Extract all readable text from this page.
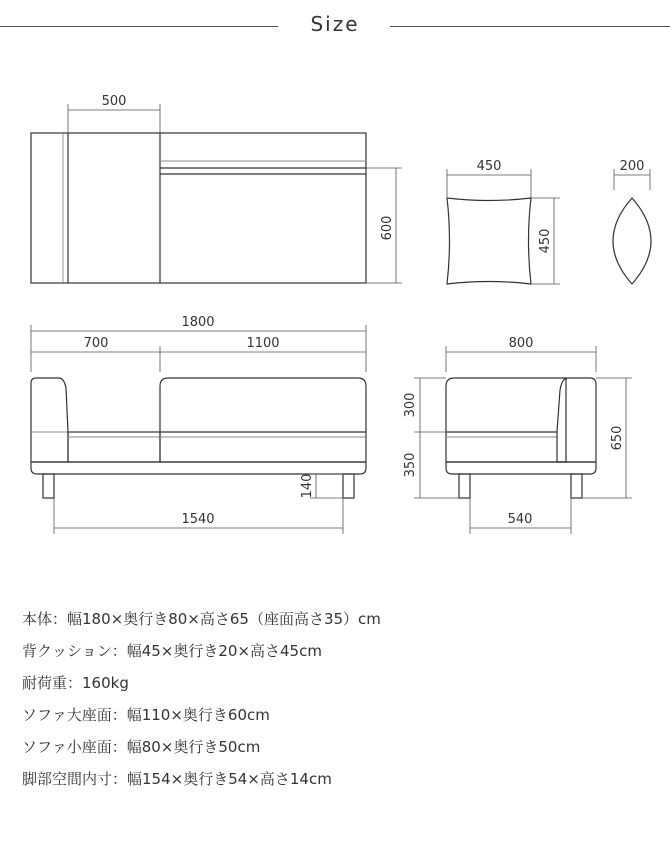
Size
500
600
450
450
200
1800
700	1100
140
1540
800
300
350
650
540
本体：幅180×奥行き80×高さ65（座面高さ35）cm
背クッション：幅45×奥行き20×高さ45cm
耐荷重：160kg
ソファ大座面：幅110×奥行き60cm
ソファ小座面：幅80×奥行き50cm
脚部空間内寸：幅154×奥行き54×高さ14cm
